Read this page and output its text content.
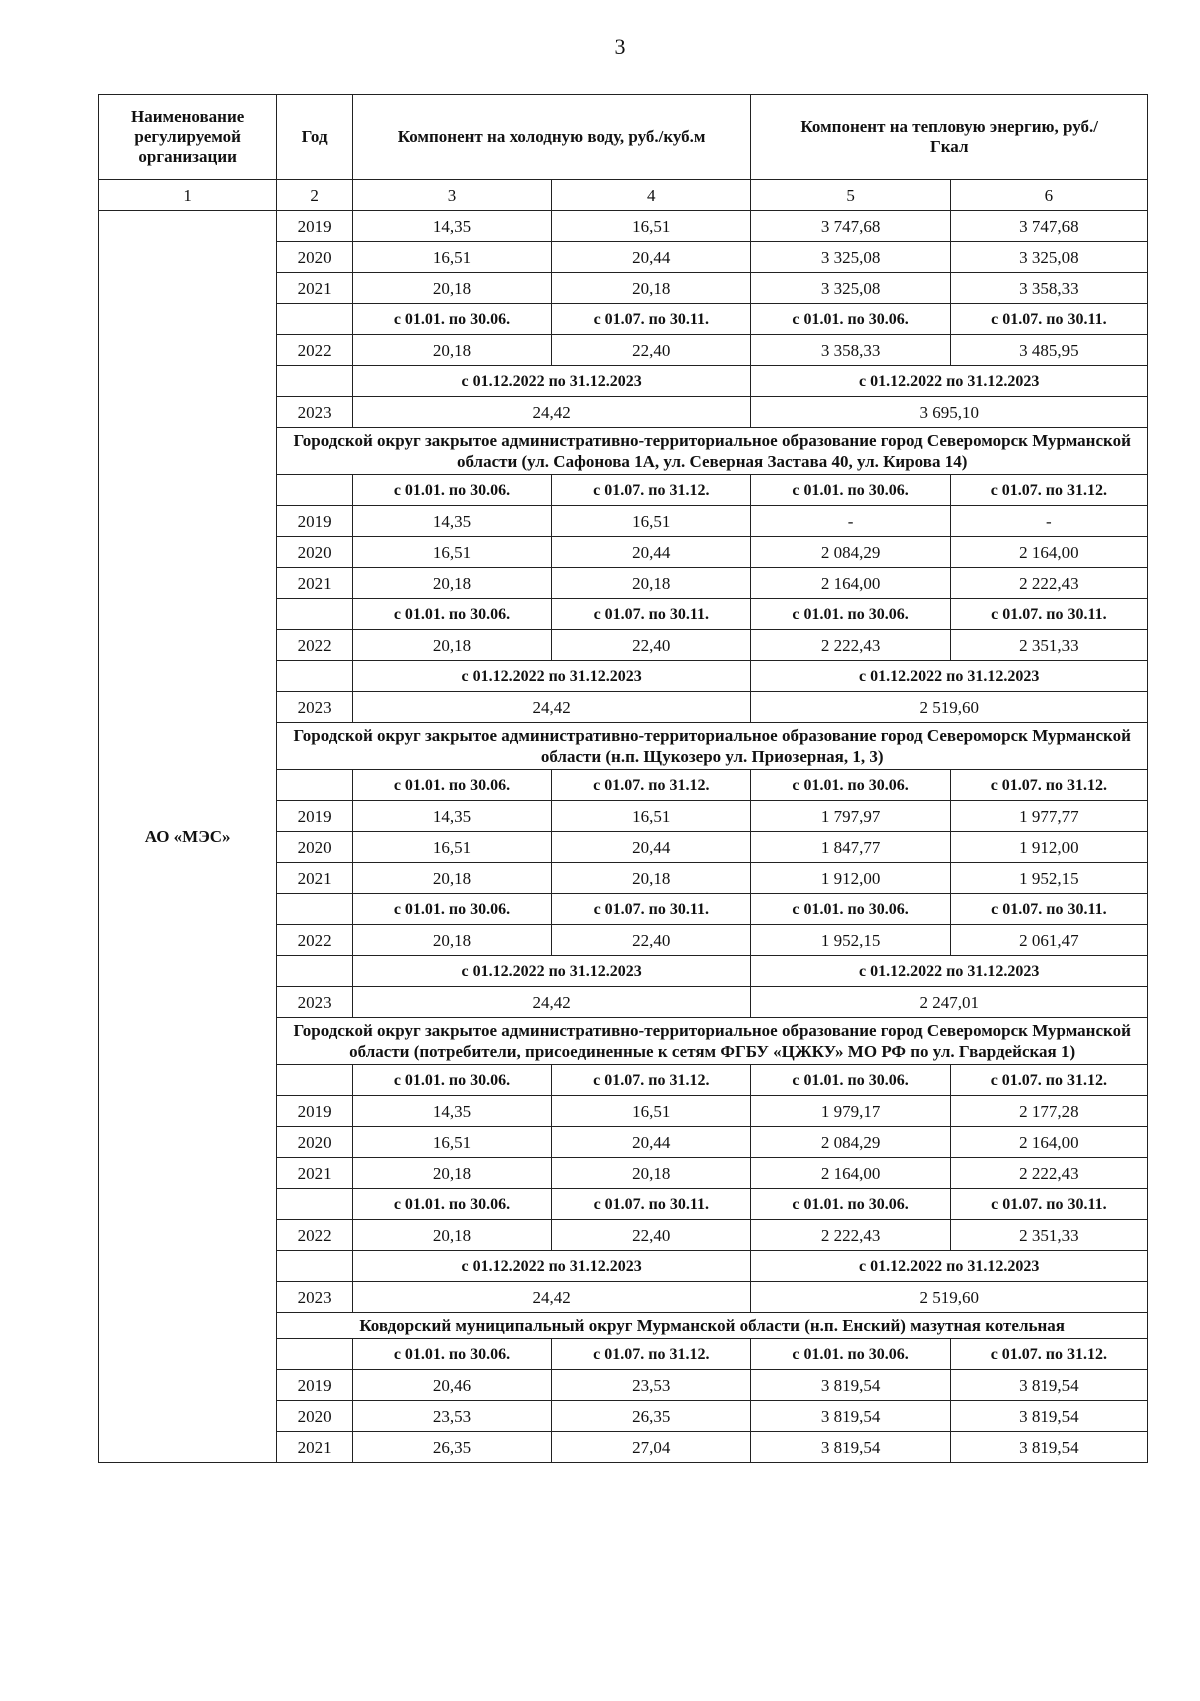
3
Наименование регулируемой организации	Год	Компонент на холодную воду, руб./куб.м		Компонент на тепловую энергию, руб./Гкал	
1	2	3	4	5	6
АО «МЭС»	2019	14,35	16,51	3 747,68	3 747,68
	2020	16,51	20,44	3 325,08	3 325,08
	2021	20,18	20,18	3 325,08	3 358,33
		с 01.01. по 30.06.	с 01.07. по 30.11.	с 01.01. по 30.06.	с 01.07. по 30.11.
	2022	20,18	22,40	3 358,33	3 485,95
		с 01.12.2022 по 31.12.2023		с 01.12.2022 по 31.12.2023	
	2023	24,42		3 695,10	
	Городской округ закрытое административно-территориальное образование город Североморск Мурманской области (ул. Сафонова 1А, ул. Северная Застава 40, ул. Кирова 14)				
		с 01.01. по 30.06.	с 01.07. по 31.12.	с 01.01. по 30.06.	с 01.07. по 31.12.
	2019	14,35	16,51	-	-
	2020	16,51	20,44	2 084,29	2 164,00
	2021	20,18	20,18	2 164,00	2 222,43
		с 01.01. по 30.06.	с 01.07. по 30.11.	с 01.01. по 30.06.	с 01.07. по 30.11.
	2022	20,18	22,40	2 222,43	2 351,33
		с 01.12.2022 по 31.12.2023		с 01.12.2022 по 31.12.2023	
	2023	24,42		2 519,60	
	Городской округ закрытое административно-территориальное образование город Североморск Мурманской области (н.п. Щукозеро ул. Приозерная, 1, 3)				
		с 01.01. по 30.06.	с 01.07. по 31.12.	с 01.01. по 30.06.	с 01.07. по 31.12.
	2019	14,35	16,51	1 797,97	1 977,77
	2020	16,51	20,44	1 847,77	1 912,00
	2021	20,18	20,18	1 912,00	1 952,15
		с 01.01. по 30.06.	с 01.07. по 30.11.	с 01.01. по 30.06.	с 01.07. по 30.11.
	2022	20,18	22,40	1 952,15	2 061,47
		с 01.12.2022 по 31.12.2023		с 01.12.2022 по 31.12.2023	
	2023	24,42		2 247,01	
	Городской округ закрытое административно-территориальное образование город Североморск Мурманской области (потребители, присоединенные к сетям ФГБУ «ЦЖКУ» МО РФ по ул. Гвардейская 1)				
		с 01.01. по 30.06.	с 01.07. по 31.12.	с 01.01. по 30.06.	с 01.07. по 31.12.
	2019	14,35	16,51	1 979,17	2 177,28
	2020	16,51	20,44	2 084,29	2 164,00
	2021	20,18	20,18	2 164,00	2 222,43
		с 01.01. по 30.06.	с 01.07. по 30.11.	с 01.01. по 30.06.	с 01.07. по 30.11.
	2022	20,18	22,40	2 222,43	2 351,33
		с 01.12.2022 по 31.12.2023		с 01.12.2022 по 31.12.2023	
	2023	24,42		2 519,60	
	Ковдорский муниципальный округ Мурманской области (н.п. Енский) мазутная котельная				
		с 01.01. по 30.06.	с 01.07. по 31.12.	с 01.01. по 30.06.	с 01.07. по 31.12.
	2019	20,46	23,53	3 819,54	3 819,54
	2020	23,53	26,35	3 819,54	3 819,54
	2021	26,35	27,04	3 819,54	3 819,54
